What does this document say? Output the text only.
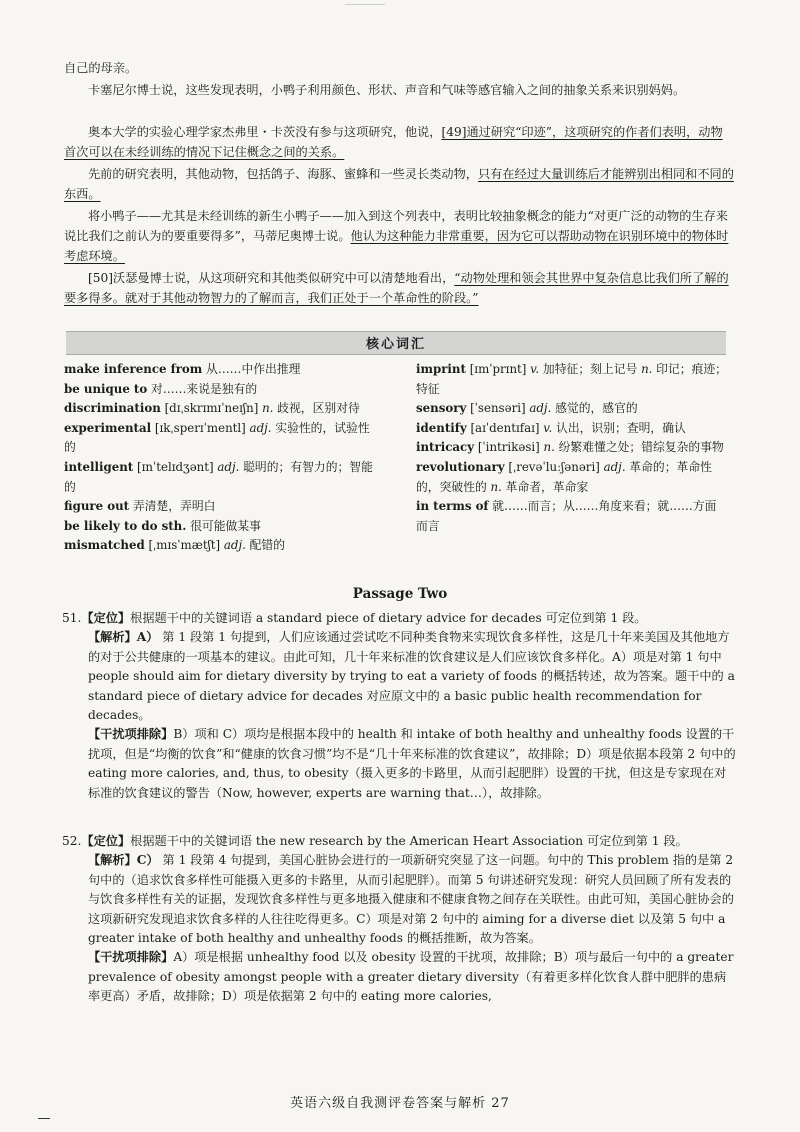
自己的母亲。

卡塞尼尔博士说，这些发现表明，小鸭子利用颜色、形状、声音和气味等感官输入之间的抽象关系来识别妈妈。

奥本大学的实验心理学家杰弗里・卡茨没有参与这项研究，他说，[49]通过研究“印迹”，这项研究的作者们表明，动物首次可以在未经训练的情况下记住概念之间的关系。

先前的研究表明，其他动物，包括鸽子、海豚、蜜蜂和一些灵长类动物，只有在经过大量训练后才能辨别出相同和不同的东西。

将小鸭子——尤其是未经训练的新生小鸭子——加入到这个列表中，表明比较抽象概念的能力“对更广泛的动物的生存来说比我们之前认为的要重要得多”，马蒂尼奥博士说。他认为这种能力非常重要，因为它可以帮助动物在识别环境中的物体时考虑环境。

[50]沃瑟曼博士说，从这项研究和其他类似研究中可以清楚地看出，“动物处理和领会其世界中复杂信息比我们所了解的要多得多。就对于其他动物智力的了解而言，我们正处于一个革命性的阶段。”

核心词汇
make inference from 从……中作出推理
be unique to 对……来说是独有的
discrimination [dɪˌskrɪmɪˈneɪʃn] n. 歧视，区别对待
experimental [ɪkˌsperɪˈmentl] adj. 实验性的，试验性的
intelligent [ɪnˈtelɪdʒənt] adj. 聪明的；有智力的；智能的
figure out 弄清楚，弄明白
be likely to do sth. 很可能做某事
mismatched [ˌmɪsˈmætʃt] adj. 配错的
imprint [ɪmˈprɪnt] v. 加特征；刻上记号 n. 印记；痕迹；特征
sensory [ˈsensəri] adj. 感觉的，感官的
identify [aɪˈdentɪfaɪ] v. 认出，识别；查明，确认
intricacy [ˈintrikəsi] n. 纷繁难懂之处；错综复杂的事物
revolutionary [ˌrevəˈluːʃənəri] adj. 革命的；革命性的，突破性的 n. 革命者，革命家
in terms of 就……而言；从……角度来看；就……方面而言
Passage Two
51.【定位】根据题干中的关键词语 a standard piece of dietary advice for decades 可定位到第 1 段。
【解析】A） 第 1 段第 1 句提到，人们应该通过尝试吃不同种类食物来实现饮食多样性，这是几十年来美国及其他地方的对于公共健康的一项基本的建议。由此可知，几十年来标准的饮食建议是人们应该饮食多样化。A）项是对第 1 句中 people should aim for dietary diversity by trying to eat a variety of foods 的概括转述，故为答案。题干中的 a standard piece of dietary advice for decades 对应原文中的 a basic public health recommendation for decades。
【干扰项排除】B）项和 C）项均是根据本段中的 health 和 intake of both healthy and unhealthy foods 设置的干扰项，但是“均衡的饮食”和“健康的饮食习惯”均不是“几十年来标准的饮食建议”，故排除；D）项是依据本段第 2 句中的 eating more calories, and, thus, to obesity（摄入更多的卡路里，从而引起肥胖）设置的干扰，但这是专家现在对标准的饮食建议的警告（Now, however, experts are warning that…），故排除。
52.【定位】根据题干中的关键词语 the new research by the American Heart Association 可定位到第 1 段。
【解析】C） 第 1 段第 4 句提到，美国心脏协会进行的一项新研究突显了这一问题。句中的 This problem 指的是第 2 句中的（追求饮食多样性可能摄入更多的卡路里，从而引起肥胖）。而第 5 句讲述研究发现：研究人员回顾了所有发表的与饮食多样性有关的证据，发现饮食多样性与更多地摄入健康和不健康食物之间存在关联性。由此可知，美国心脏协会的这项新研究发现追求饮食多样的人往往吃得更多。C）项是对第 2 句中的 aiming for a diverse diet 以及第 5 句中 a greater intake of both healthy and unhealthy foods 的概括推断，故为答案。
【干扰项排除】A）项是根据 unhealthy food 以及 obesity 设置的干扰项，故排除；B）项与最后一句中的 a greater prevalence of obesity amongst people with a greater dietary diversity（有着更多样化饮食人群中肥胖的患病率更高）矛盾，故排除；D）项是依据第 2 句中的 eating more calories,
英语六级自我测评卷答案与解析 27
